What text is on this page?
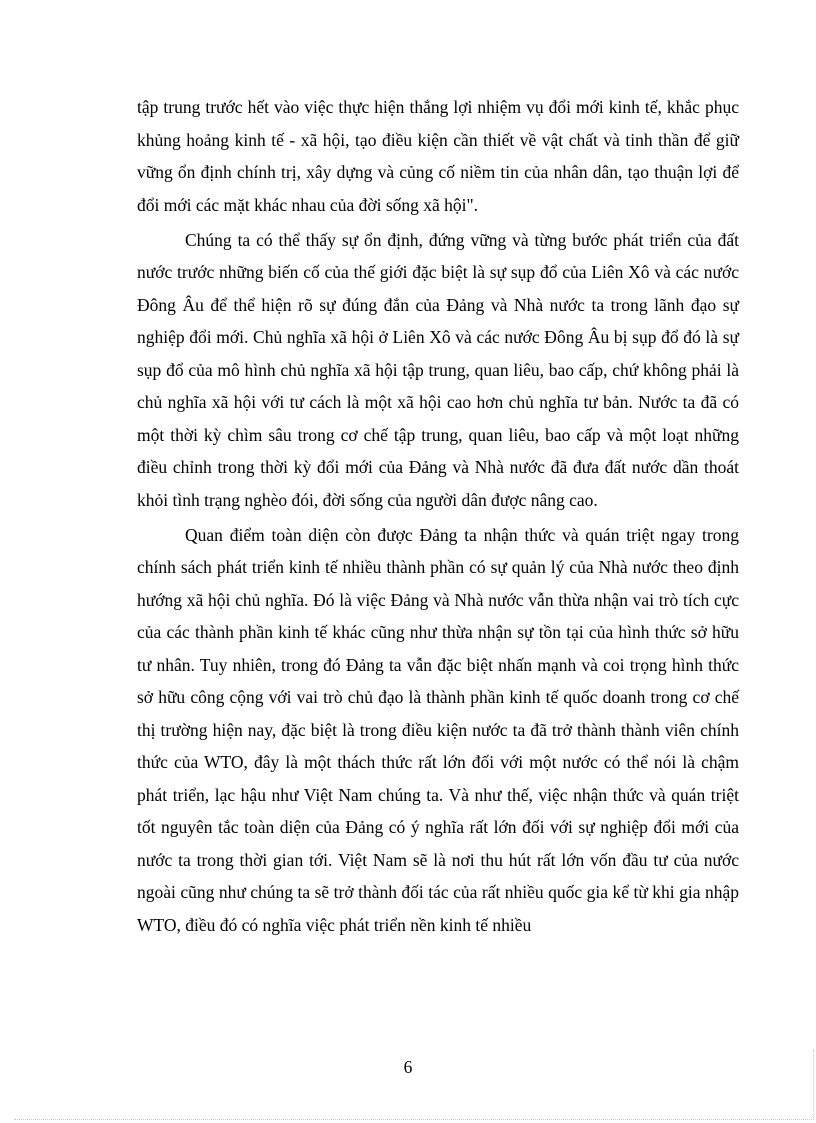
tập trung trước hết vào việc thực hiện thắng lợi nhiệm vụ đổi mới kinh tế, khắc phục khủng hoảng kinh tế - xã hội, tạo điều kiện cần thiết về vật chất và tinh thần để giữ vững ổn định chính trị, xây dựng và củng cố niềm tin của nhân dân, tạo thuận lợi để đổi mới các mặt khác nhau của đời sống xã hội".

Chúng ta có thể thấy sự ổn định, đứng vững và từng bước phát triển của đất nước trước những biến cố của thế giới đặc biệt là sự sụp đổ của Liên Xô và các nước Đông Âu để thể hiện rõ sự đúng đắn của Đảng và Nhà nước ta trong lãnh đạo sự nghiệp đổi mới. Chủ nghĩa xã hội ở Liên Xô và các nước Đông Âu bị sụp đổ đó là sự sụp đổ của mô hình chủ nghĩa xã hội tập trung, quan liêu, bao cấp, chứ không phải là chủ nghĩa xã hội với tư cách là một xã hội cao hơn chủ nghĩa tư bản. Nước ta đã có một thời kỳ chìm sâu trong cơ chế tập trung, quan liêu, bao cấp và một loạt những điều chỉnh trong thời kỳ đổi mới của Đảng và Nhà nước đã đưa đất nước dần thoát khỏi tình trạng nghèo đói, đời sống của người dân được nâng cao.

Quan điểm toàn diện còn được Đảng ta nhận thức và quán triệt ngay trong chính sách phát triển kinh tế nhiều thành phần có sự quản lý của Nhà nước theo định hướng xã hội chủ nghĩa. Đó là việc Đảng và Nhà nước vẫn thừa nhận vai trò tích cực của các thành phần kinh tế khác cũng như thừa nhận sự tồn tại của hình thức sở hữu tư nhân. Tuy nhiên, trong đó Đảng ta vẫn đặc biệt nhấn mạnh và coi trọng hình thức sở hữu công cộng với vai trò chủ đạo là thành phần kinh tế quốc doanh trong cơ chế thị trường hiện nay, đặc biệt là trong điều kiện nước ta đã trở thành thành viên chính thức của WTO, đây là một thách thức rất lớn đối với một nước có thể nói là chậm phát triển, lạc hậu như Việt Nam chúng ta. Và như thế, việc nhận thức và quán triệt tốt nguyên tắc toàn diện của Đảng có ý nghĩa rất lớn đối với sự nghiệp đổi mới của nước ta trong thời gian tới. Việt Nam sẽ là nơi thu hút rất lớn vốn đầu tư của nước ngoài cũng như chúng ta sẽ trở thành đối tác của rất nhiều quốc gia kể từ khi gia nhập WTO, điều đó có nghĩa việc phát triển nền kinh tế nhiều

6
